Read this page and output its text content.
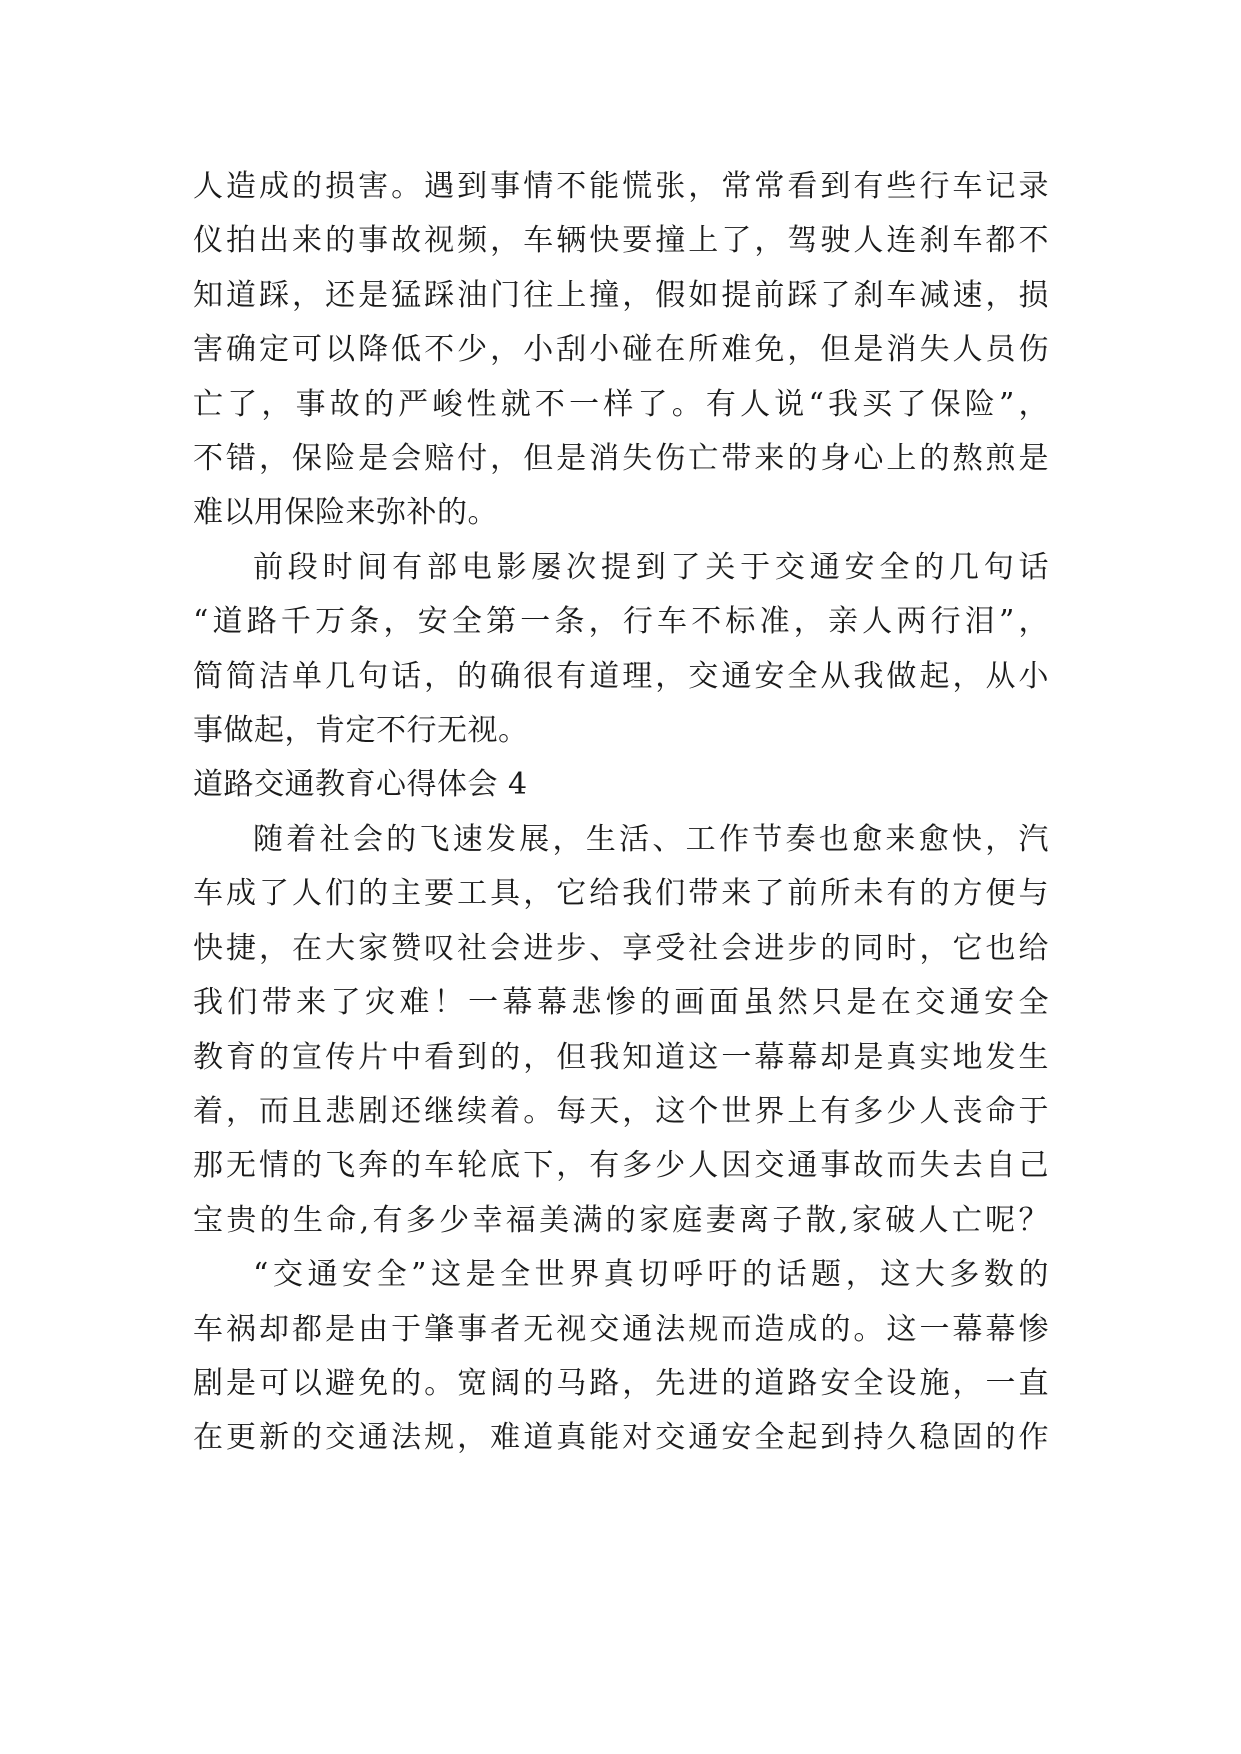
人造成的损害。遇到事情不能慌张，常常看到有些行车记录
仪拍出来的事故视频，车辆快要撞上了，驾驶人连刹车都不
知道踩，还是猛踩油门往上撞，假如提前踩了刹车减速，损
害确定可以降低不少，小刮小碰在所难免，但是消失人员伤
亡了，事故的严峻性就不一样了。有人说“我买了保险”，
不错，保险是会赔付，但是消失伤亡带来的身心上的熬煎是
难以用保险来弥补的。
前段时间有部电影屡次提到了关于交通安全的几句话
“道路千万条，安全第一条，行车不标准，亲人两行泪”，
简简洁单几句话，的确很有道理，交通安全从我做起，从小
事做起，肯定不行无视。
道路交通教育心得体会 4
随着社会的飞速发展，生活、工作节奏也愈来愈快，汽
车成了人们的主要工具，它给我们带来了前所未有的方便与
快捷，在大家赞叹社会进步、享受社会进步的同时，它也给
我们带来了灾难！一幕幕悲惨的画面虽然只是在交通安全
教育的宣传片中看到的，但我知道这一幕幕却是真实地发生
着，而且悲剧还继续着。每天，这个世界上有多少人丧命于
那无情的飞奔的车轮底下，有多少人因交通事故而失去自己
宝贵的生命,有多少幸福美满的家庭妻离子散,家破人亡呢？
“交通安全”这是全世界真切呼吁的话题，这大多数的
车祸却都是由于肇事者无视交通法规而造成的。这一幕幕惨
剧是可以避免的。宽阔的马路，先进的道路安全设施，一直
在更新的交通法规，难道真能对交通安全起到持久稳固的作
